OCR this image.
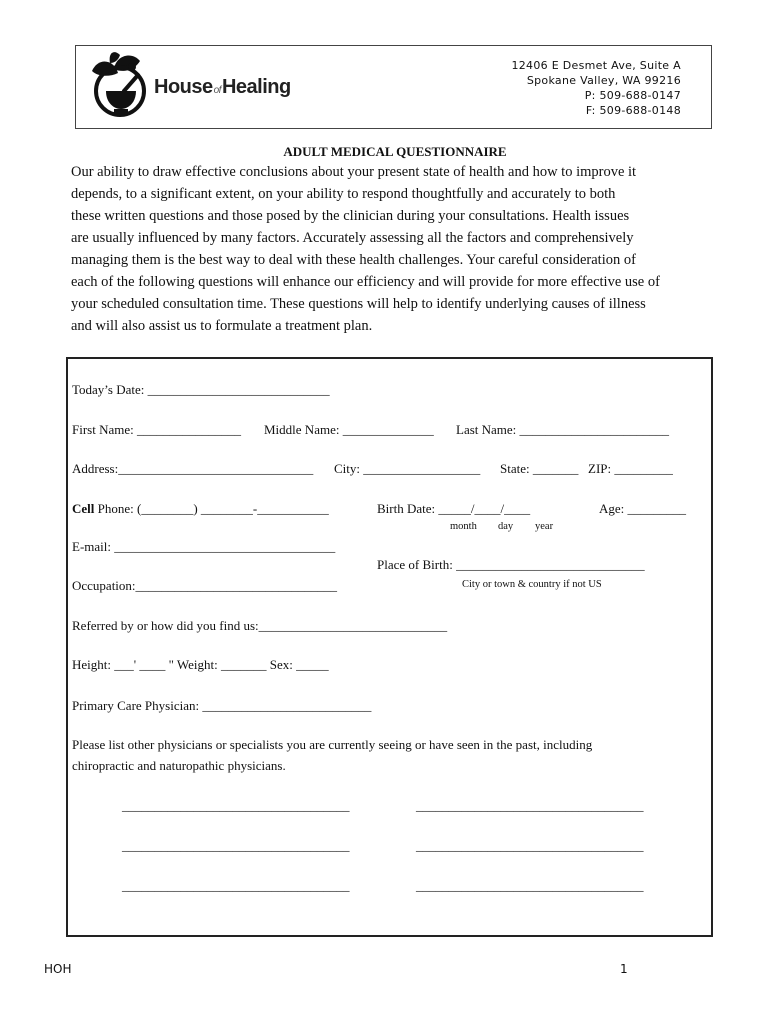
HouseofHealing
12406 E Desmet Ave, Suite A
Spokane Valley, WA 99216
P: 509-688-0147
F: 509-688-0148
ADULT MEDICAL QUESTIONNAIRE
Our ability to draw effective conclusions about your present state of health and how to improve it
depends, to a significant extent, on your ability to respond thoughtfully and accurately to both
these written questions and those posed by the clinician during your consultations. Health issues
are usually influenced by many factors. Accurately assessing all the factors and comprehensively
managing them is the best way to deal with these health challenges. Your careful consideration of
each of the following questions will enhance our efficiency and will provide for more effective use of
your scheduled consultation time. These questions will help to identify underlying causes of illness
and will also assist us to formulate a treatment plan.
Today’s Date: ____________________________
First Name: ________________ Middle Name: ______________ Last Name: _______________________
Address:______________________________ City: __________________ State: _______ ZIP: _________
Cell Phone: (________) ________-___________	Birth Date: _____/____/____	Age: _________
month day year
E-mail: __________________________________
Place of Birth: _____________________________
Occupation:_______________________________	City or town & country if not US
Referred by or how did you find us:_____________________________
Height: ___' ____ " Weight: _______ Sex: _____
Primary Care Physician: __________________________
Please list other physicians or specialists you are currently seeing or have seen in the past, including
chiropractic and naturopathic physicians.
___________________________________	___________________________________
___________________________________	___________________________________
___________________________________	___________________________________
HOH	1
